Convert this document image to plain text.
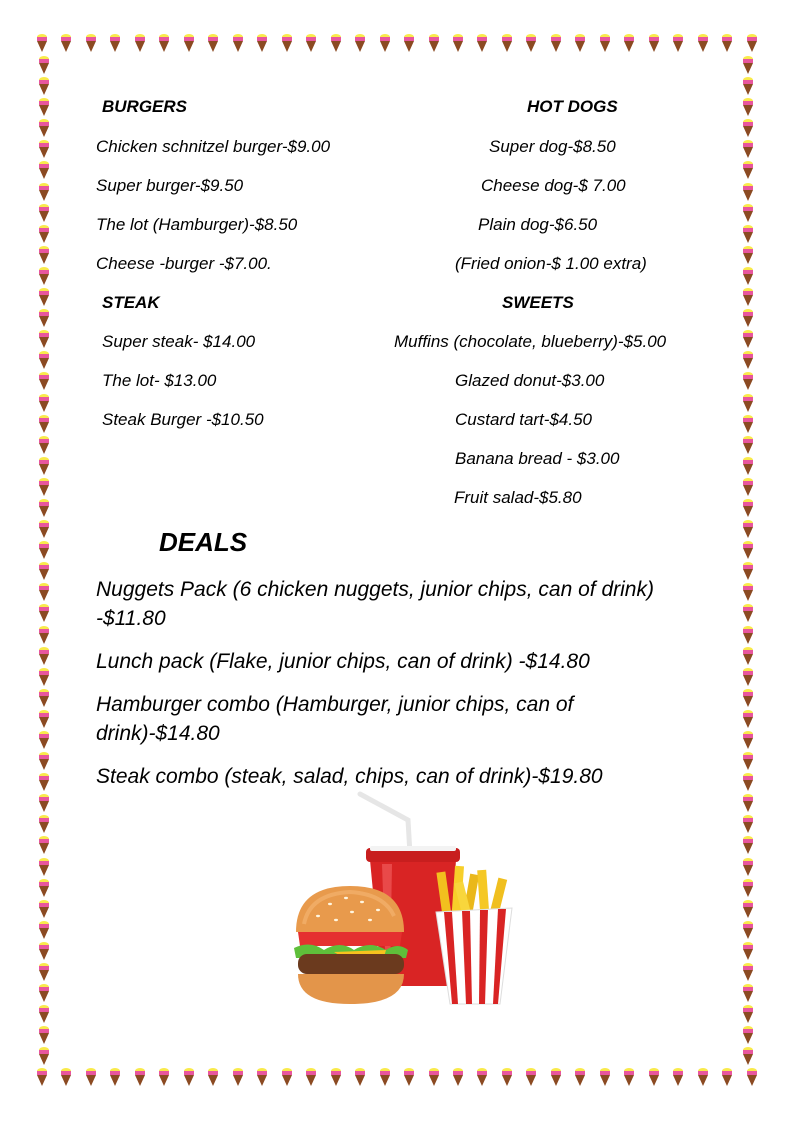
BURGERS
Chicken schnitzel burger-$9.00
Super burger-$9.50
The lot (Hamburger)-$8.50
Cheese -burger -$7.00.
HOT DOGS
Super dog-$8.50
Cheese dog-$ 7.00
Plain dog-$6.50
(Fried onion-$ 1.00 extra)
STEAK
Super steak- $14.00
The lot- $13.00
Steak Burger -$10.50
SWEETS
Muffins (chocolate, blueberry)-$5.00
Glazed donut-$3.00
Custard tart-$4.50
Banana bread - $3.00
Fruit salad-$5.80
DEALS
Nuggets Pack (6 chicken nuggets, junior chips, can of drink) -$11.80
Lunch pack (Flake, junior chips, can of drink) -$14.80
Hamburger combo (Hamburger, junior chips, can of drink)-$14.80
Steak combo (steak, salad, chips, can of drink)-$19.80
